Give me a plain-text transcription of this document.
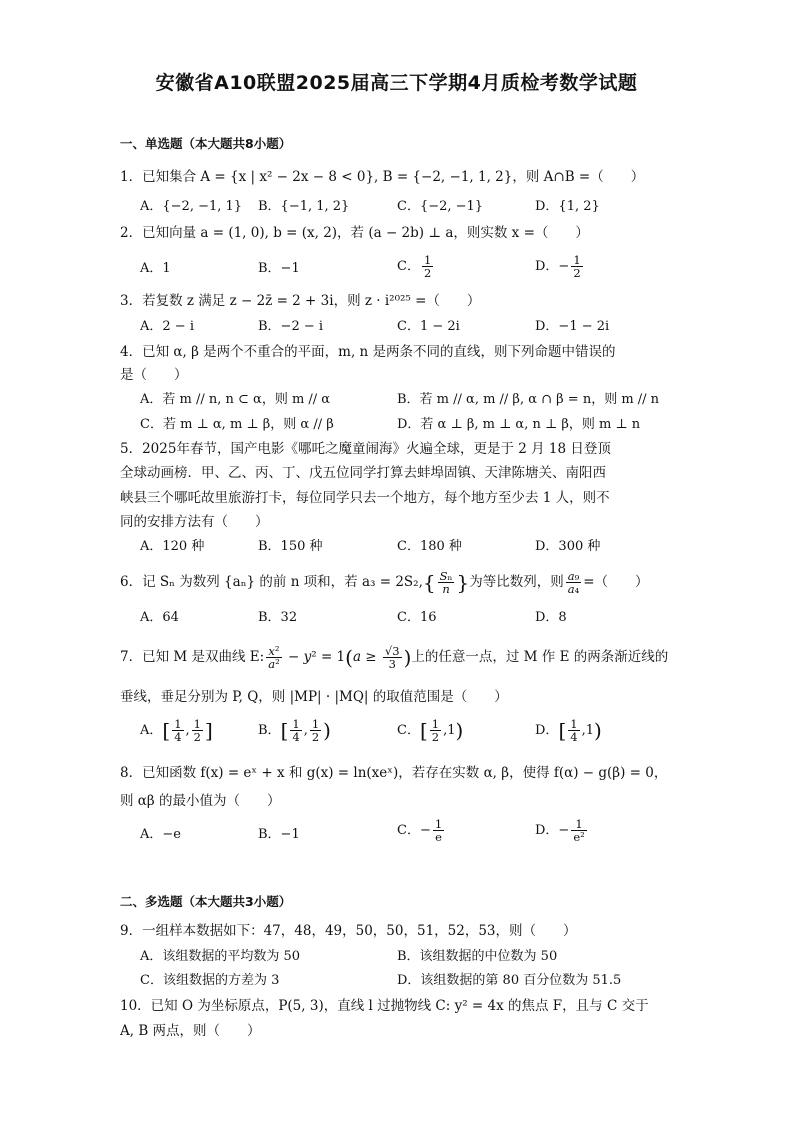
安徽省A10联盟2025届高三下学期4月质检考数学试题
一、单选题（本大题共8小题）
1．已知集合 A = {x | x² − 2x − 8 < 0}, B = {−2, −1, 1, 2}，则 A∩B =（　　）
A．{−2, −1, 1} B．{−1, 1, 2}	C．{−2, −1}	D．{1, 2}
2．已知向量 a = (1, 0), b = (x, 2)，若 (a − 2b) ⊥ a，则实数 x =（　　）
A．1	B．−1	C． $\frac{1}{2}$	D．− $\frac{1}{2}$
3．若复数 z 满足 z − 2z̄ = 2 + 3i，则 z · i²⁰²⁵ =（　　）
A．2 − i	B．−2 − i	C．1 − 2i	D．−1 − 2i
4．已知 α, β 是两个不重合的平面，m, n 是两条不同的直线，则下列命题中错误的
是（　　）
A．若 m // n, n ⊂ α，则 m // α	B．若 m // α, m // β, α ∩ β = n，则 m // n
C．若 m ⊥ α, m ⊥ β，则 α // β	D．若 α ⊥ β, m ⊥ α, n ⊥ β，则 m ⊥ n
5．2025年春节，国产电影《哪吒之魔童闹海》火遍全球，更是于 2 月 18 日登顶
全球动画榜．甲、乙、丙、丁、戊五位同学打算去蚌埠固镇、天津陈塘关、南阳西
峡县三个哪吒故里旅游打卡，每位同学只去一个地方，每个地方至少去 1 人，则不
同的安排方法有（　　）
A．120 种	B．150 种	C．180 种	D．300 种
6．记 Sₙ 为数列 {aₙ} 的前 n 项和，若 $a_3 = 2S_2,\{ \frac{\text{Sₙ}}{n}$ }为等比数列，则 $\frac{\text{a₉}}{\text{a₄}}$ =（　　）
A．64	B．32	C．16	D．8
7．已知 M 是双曲线 E: $\frac{\text{x²}}{\text{a²}} - y^2 = 1(a \ge \frac{√3}{3}$ )上的任意一点，过 M 作 E 的两条渐近线的
垂线，垂足分别为 P, Q，则 |MP| · |MQ| 的取值范围是（　　）
A．[ $\frac{1}{4}$ , $\frac{1}{2}$ ]	B．[ $\frac{1}{4}$ , $\frac{1}{2}$ )	C．[ $\frac{1}{2} ,1$)	D．[ $\frac{1}{4} ,1$)
8．已知函数 f(x) = eˣ + x 和 g(x) = ln(xeˣ)，若存在实数 α, β，使得 f(α) − g(β) = 0，
则 αβ 的最小值为（　　）
A．−e	B．−1	C．− $\frac{1}{e}$	D．− $\frac{1}{\text{e²}}$
二、多选题（本大题共3小题）
9．一组样本数据如下：47，48，49，50，50，51，52，53，则（　　）
A．该组数据的平均数为 50	B．该组数据的中位数为 50
C．该组数据的方差为 3	D．该组数据的第 80 百分位数为 51.5
10．已知 O 为坐标原点，P(5, 3)，直线 l 过抛物线 C: y² = 4x 的焦点 F，且与 C 交于
A, B 两点，则（　　）
